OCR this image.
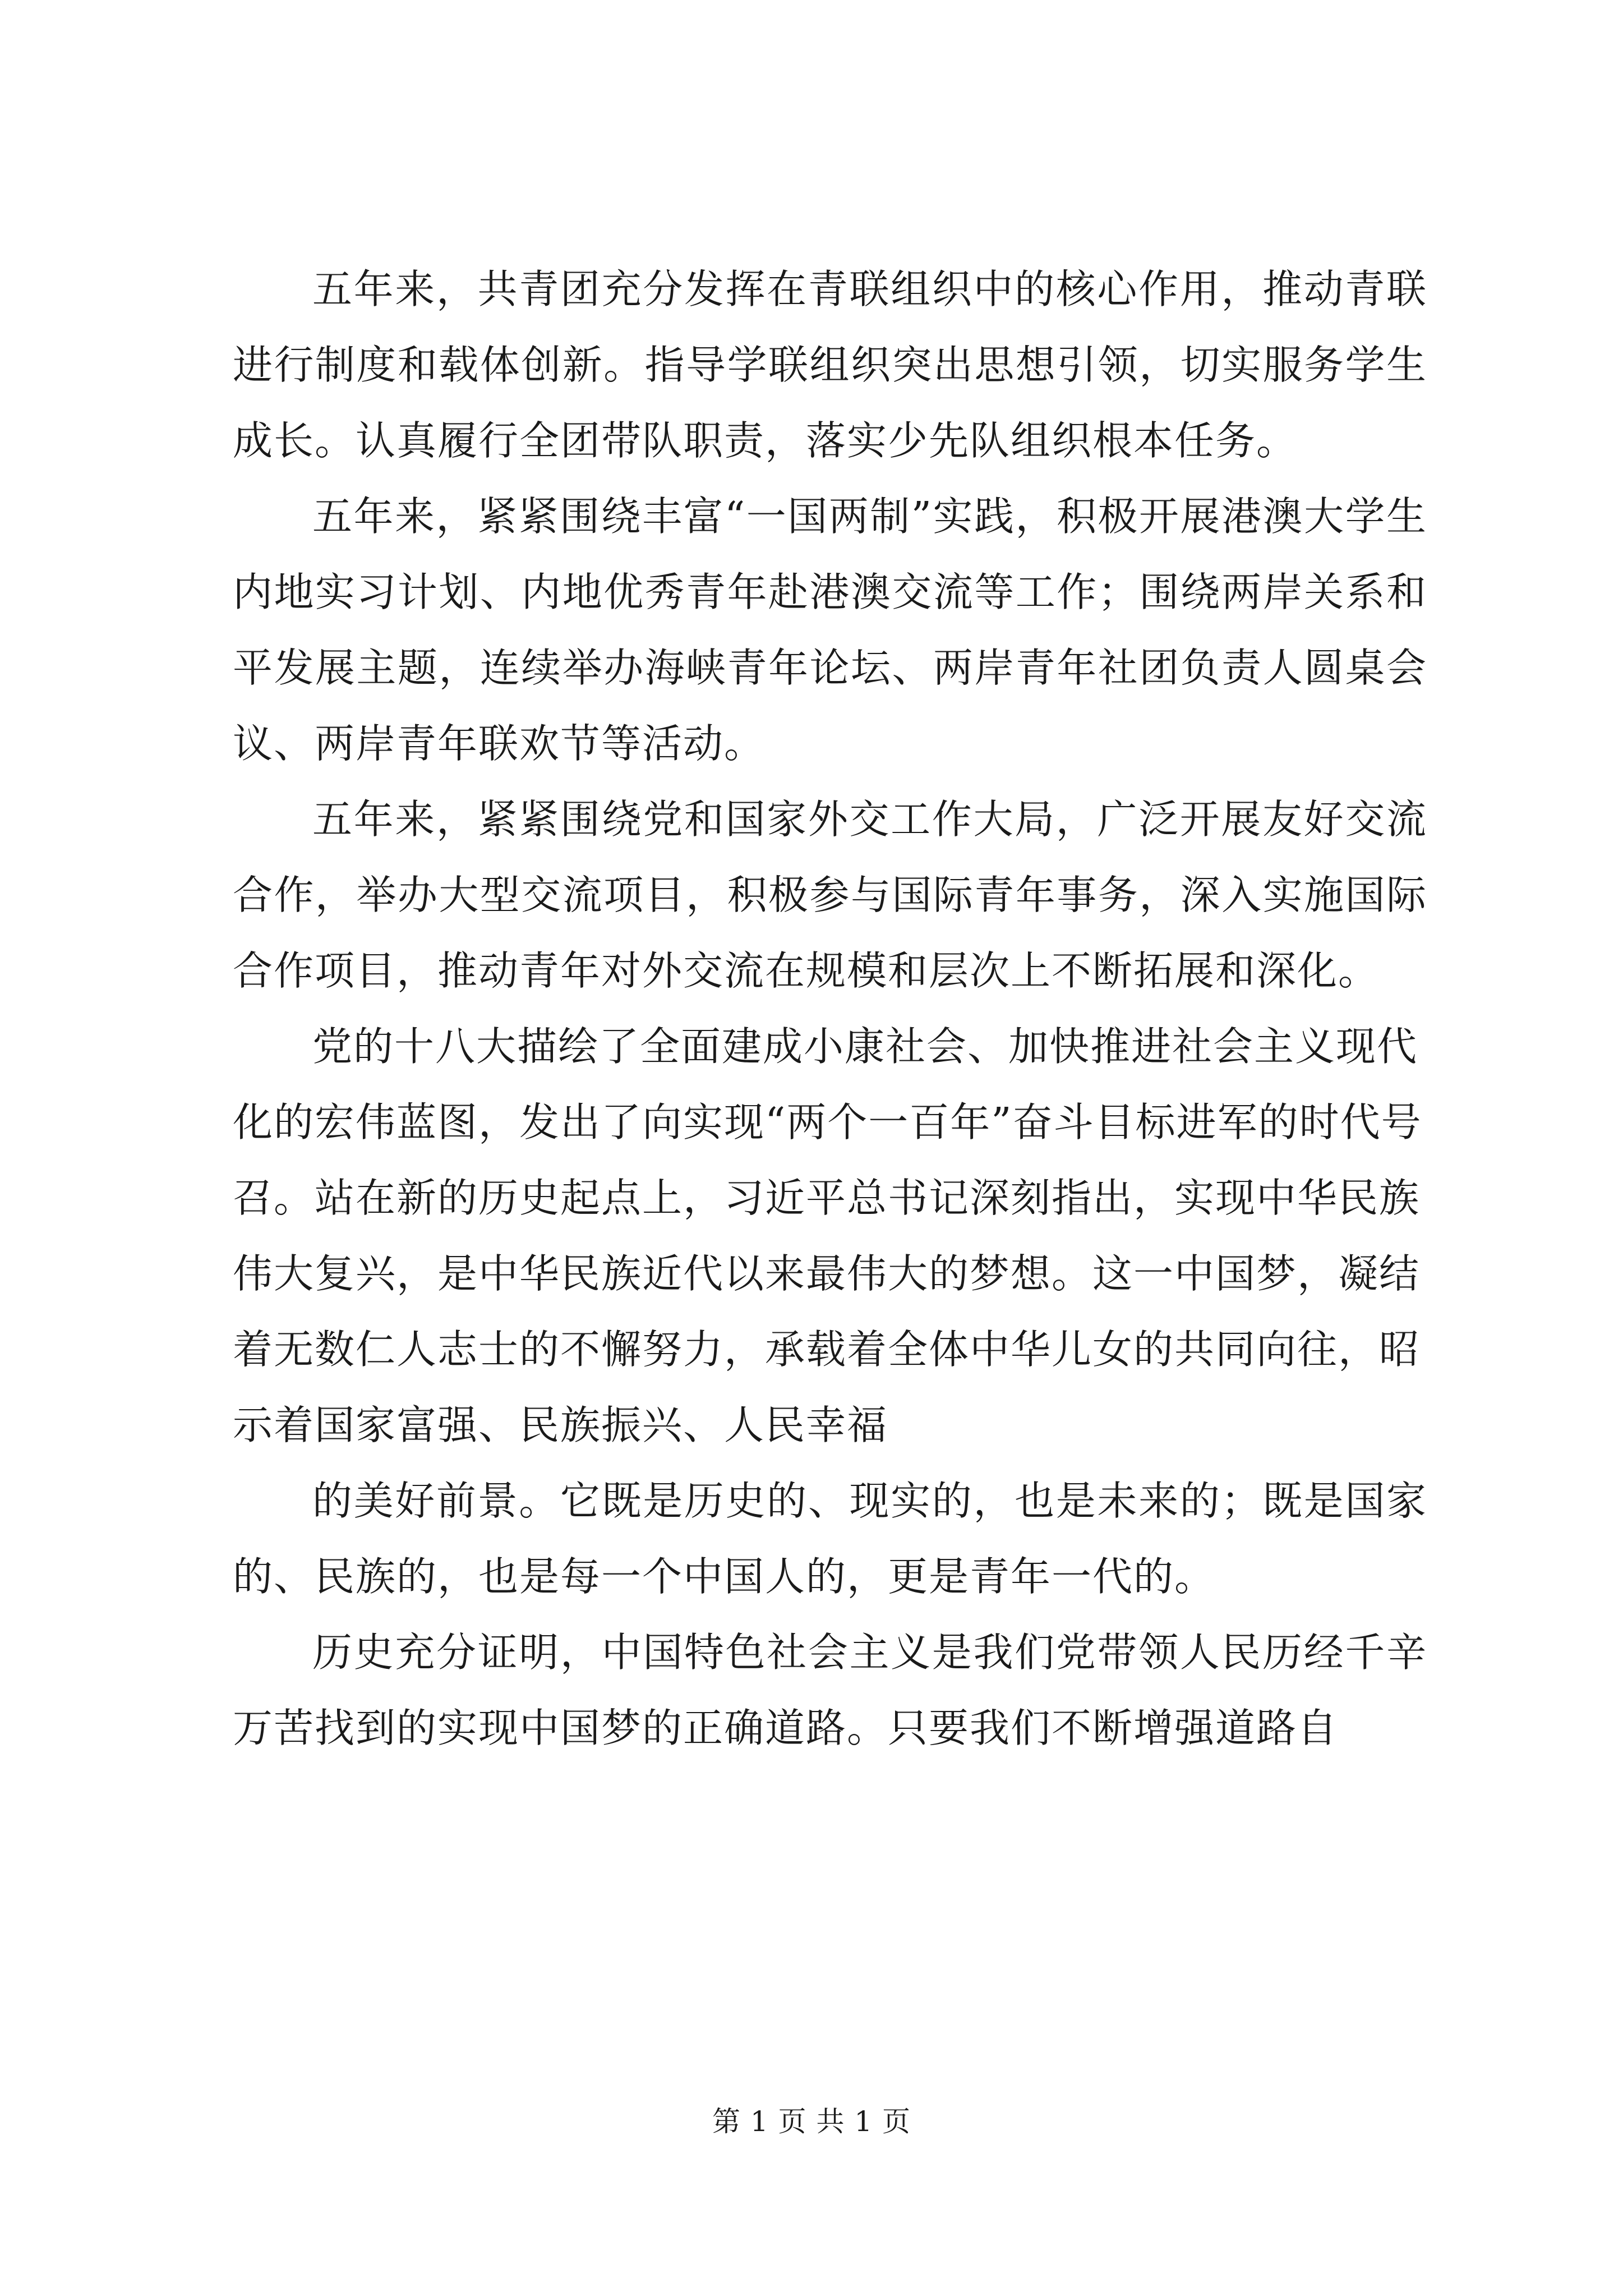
五年来，共青团充分发挥在青联组织中的核心作用，推动青联进行制度和载体创新。指导学联组织突出思想引领，切实服务学生成长。认真履行全团带队职责，落实少先队组织根本任务。

五年来，紧紧围绕丰富“一国两制”实践，积极开展港澳大学生内地实习计划、内地优秀青年赴港澳交流等工作；围绕两岸关系和平发展主题，连续举办海峡青年论坛、两岸青年社团负责人圆桌会议、两岸青年联欢节等活动。

五年来，紧紧围绕党和国家外交工作大局，广泛开展友好交流合作，举办大型交流项目，积极参与国际青年事务，深入实施国际合作项目，推动青年对外交流在规模和层次上不断拓展和深化。

党的十八大描绘了全面建成小康社会、加快推进社会主义现代化的宏伟蓝图，发出了向实现“两个一百年”奋斗目标进军的时代号召。站在新的历史起点上，习近平总书记深刻指出，实现中华民族伟大复兴，是中华民族近代以来最伟大的梦想。这一中国梦，凝结着无数仁人志士的不懈努力，承载着全体中华儿女的共同向往，昭示着国家富强、民族振兴、人民幸福

的美好前景。它既是历史的、现实的，也是未来的；既是国家的、民族的，也是每一个中国人的，更是青年一代的。

历史充分证明，中国特色社会主义是我们党带领人民历经千辛万苦找到的实现中国梦的正确道路。只要我们不断增强道路自

第 1 页 共 1 页
